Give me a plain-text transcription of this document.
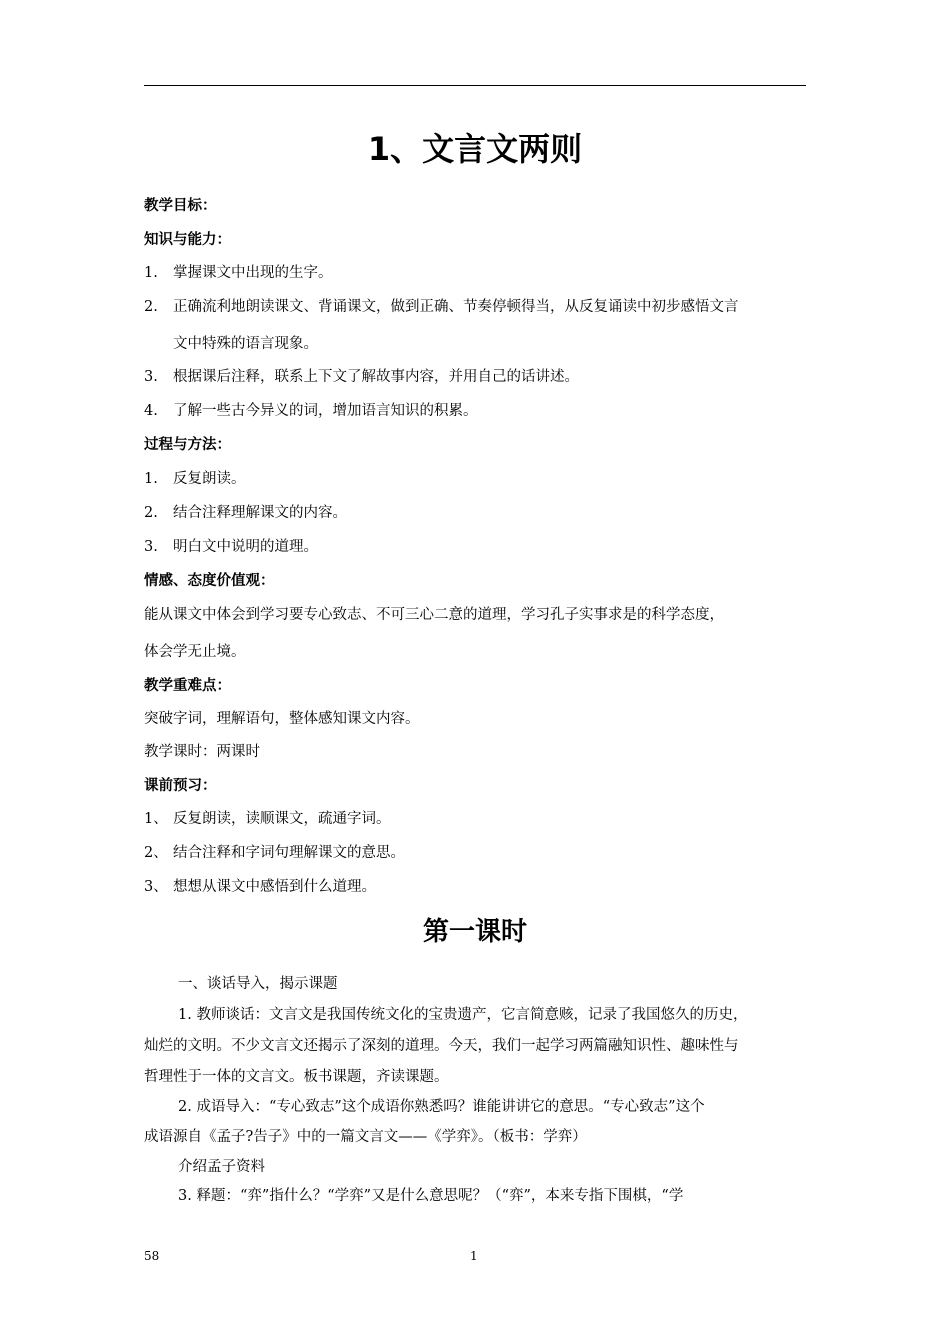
1、文言文两则
教学目标：
知识与能力：
1. 掌握课文中出现的生字。
2. 正确流利地朗读课文、背诵课文，做到正确、节奏停顿得当，从反复诵读中初步感悟文言
文中特殊的语言现象。
3. 根据课后注释，联系上下文了解故事内容，并用自己的话讲述。
4. 了解一些古今异义的词，增加语言知识的积累。
过程与方法：
1. 反复朗读。
2. 结合注释理解课文的内容。
3. 明白文中说明的道理。
情感、态度价值观：
能从课文中体会到学习要专心致志、不可三心二意的道理，学习孔子实事求是的科学态度，
体会学无止境。
教学重难点：
突破字词，理解语句，整体感知课文内容。
教学课时：两课时
课前预习：
1、 反复朗读，读顺课文，疏通字词。
2、 结合注释和字词句理解课文的意思。
3、 想想从课文中感悟到什么道理。
第一课时
一、谈话导入，揭示课题
1. 教师谈话：文言文是我国传统文化的宝贵遗产，它言简意赅，记录了我国悠久的历史，
灿烂的文明。不少文言文还揭示了深刻的道理。今天，我们一起学习两篇融知识性、趣味性与
哲理性于一体的文言文。板书课题，齐读课题。
2. 成语导入：“专心致志”这个成语你熟悉吗？谁能讲讲它的意思。“专心致志”这个
成语源自《孟子?告子》中的一篇文言文——《学弈》。（板书：学弈）
介绍孟子资料
3. 释题：“弈”指什么？“学弈”又是什么意思呢？（“弈”，本来专指下围棋，“学
58	1
